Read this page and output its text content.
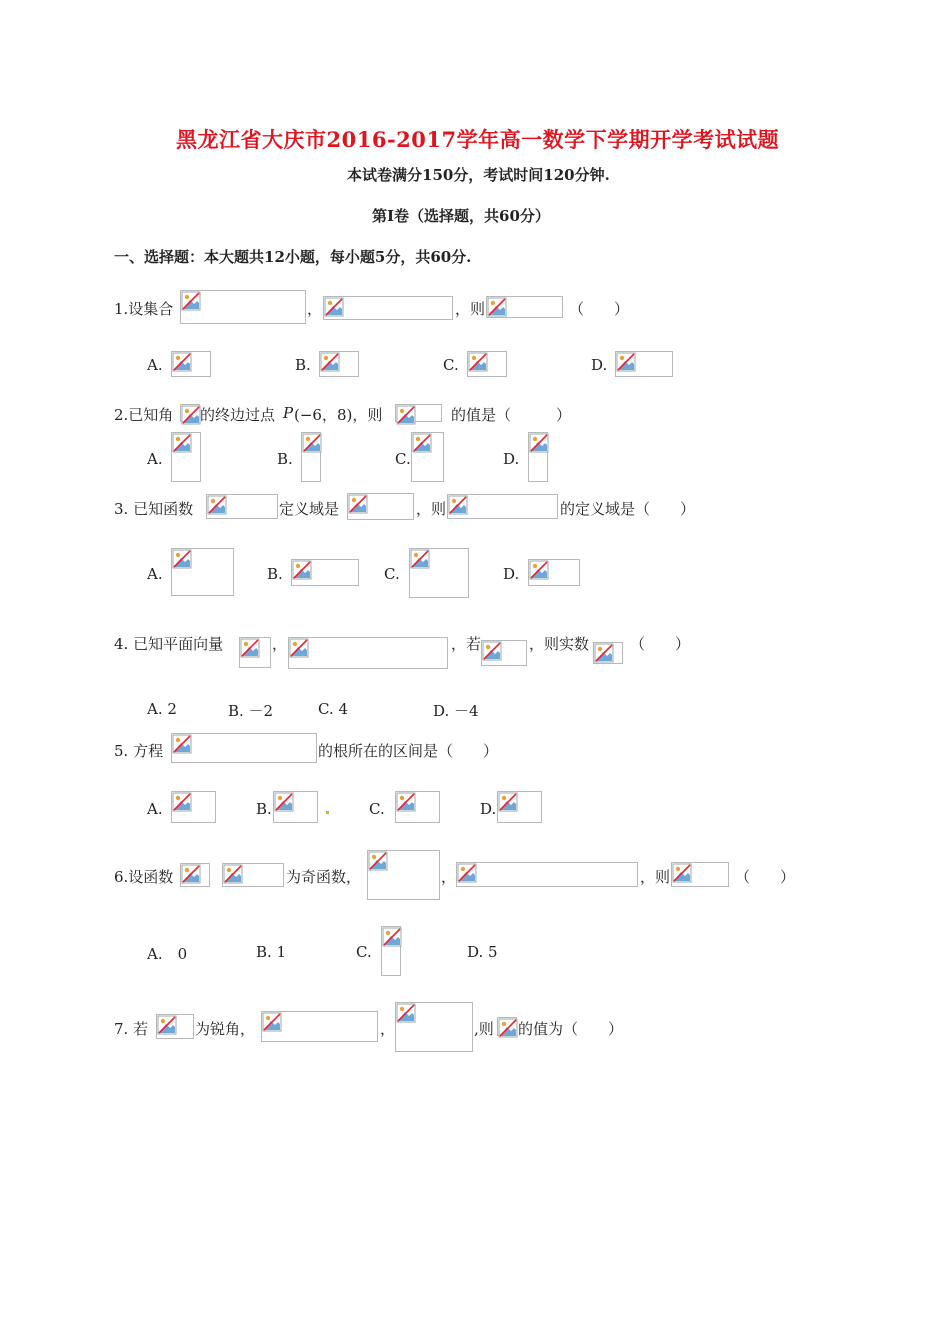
黑龙江省大庆市2016-2017学年高一数学下学期开学考试试题
本试卷满分150分，考试时间120分钟.
第Ⅰ卷（选择题，共60分）
一、选择题：本大题共12小题，每小题5分，共60分.
1.设集合	，	，则	（　　）
A.	B.	C.	D.
2.已知角 的终边过点 P (−6，8)，则	的值是（　　　）
A.	B.	C.	D.
3. 已知函数	定义域是	，则	的定义域是（　　）
A.	B.	C.	D.
4. 已知平面向量	，	，若	，则实数	（　　）
A. 2	B. －2	C. 4	D. －4
5. 方程	的根所在的区间是（　　）
A.	B.	C.	D.
6.设函数	为奇函数，	，	，则	（　　）
A.　0	B. 1	C.	D. 5
7. 若	为锐角，	，	,则 的值为（　　）
